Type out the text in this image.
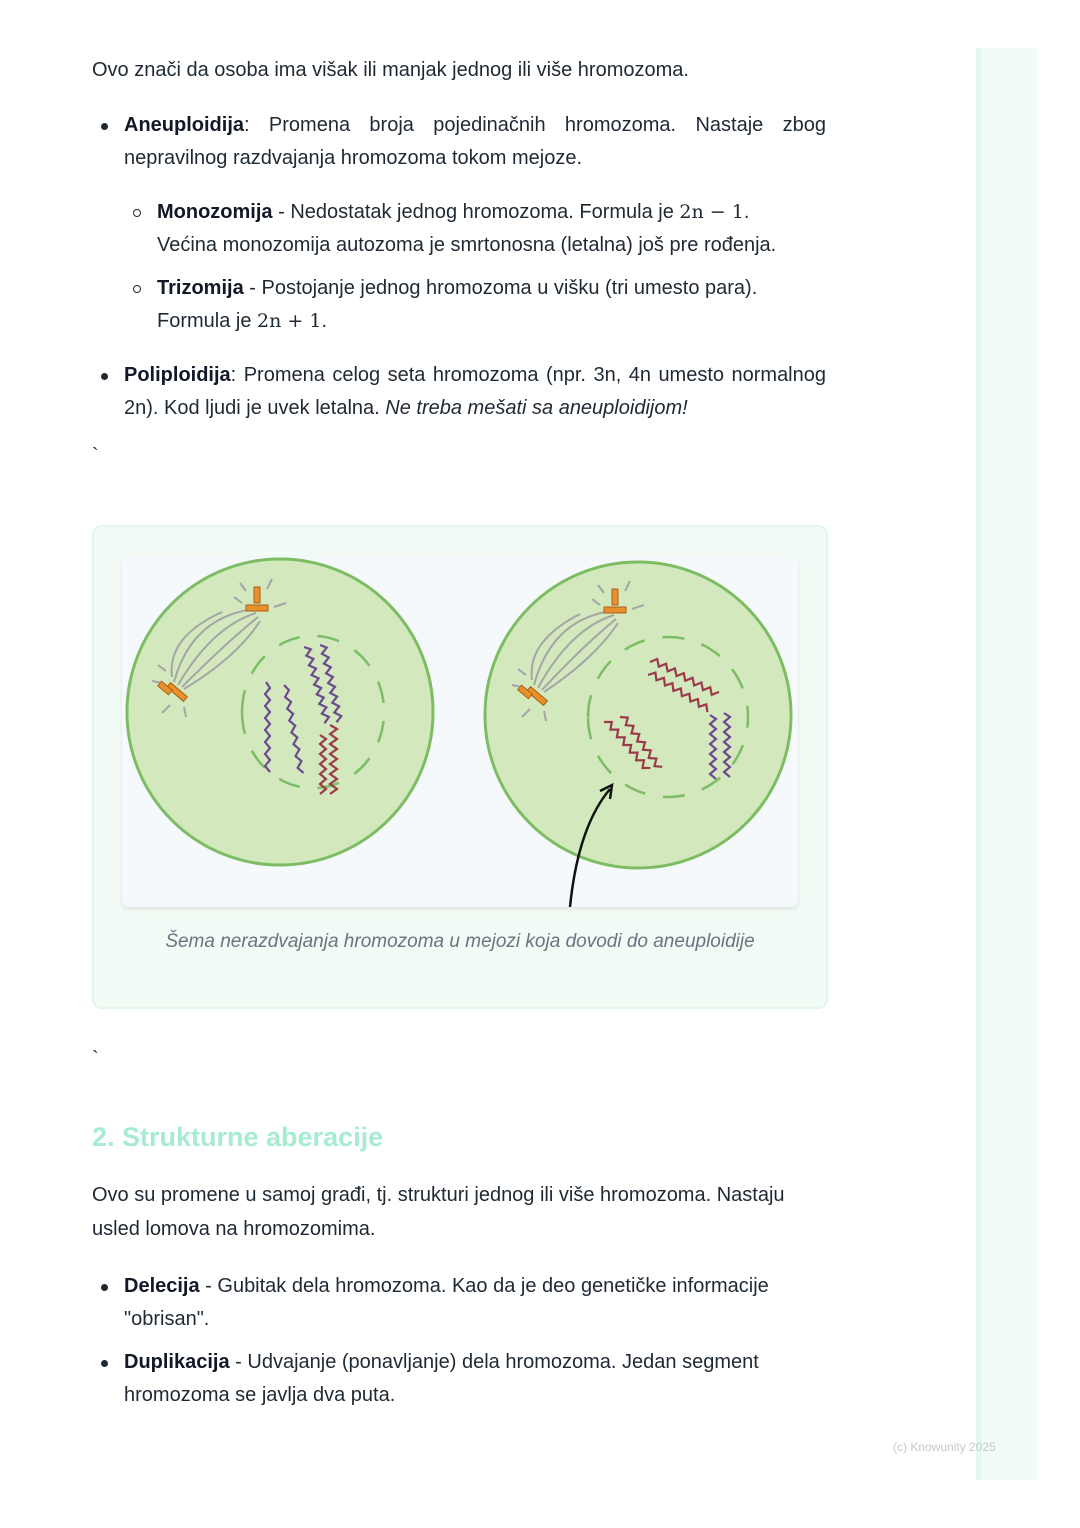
Ovo znači da osoba ima višak ili manjak jednog ili više hromozoma.

Aneuploidija: Promena broja pojedinačnih hromozoma. Nastaje zbog nepravilnog razdvajanja hromozoma tokom mejoze.
Monozomija - Nedostatak jednog hromozoma. Formula je 2n − 1.
Većina monozomija autozoma je smrtonosna (letalna) još pre rođenja.
Trizomija - Postojanje jednog hromozoma u višku (tri umesto para).
Formula je 2n + 1.
Poliploidija: Promena celog seta hromozoma (npr. 3n, 4n umesto normalnog 2n). Kod ljudi je uvek letalna. Ne treba mešati sa aneuploidijom!
`
Šema nerazdvajanja hromozoma u mejozi koja dovodi do aneuploidije
`
2. Strukturne aberacije

Ovo su promene u samoj građi, tj. strukturi jednog ili više hromozoma. Nastaju usled lomova na hromozomima.

Delecija - Gubitak dela hromozoma. Kao da je deo genetičke informacije "obrisan".
Duplikacija - Udvajanje (ponavljanje) dela hromozoma. Jedan segment hromozoma se javlja dva puta.
(c) Knowunity 2025
